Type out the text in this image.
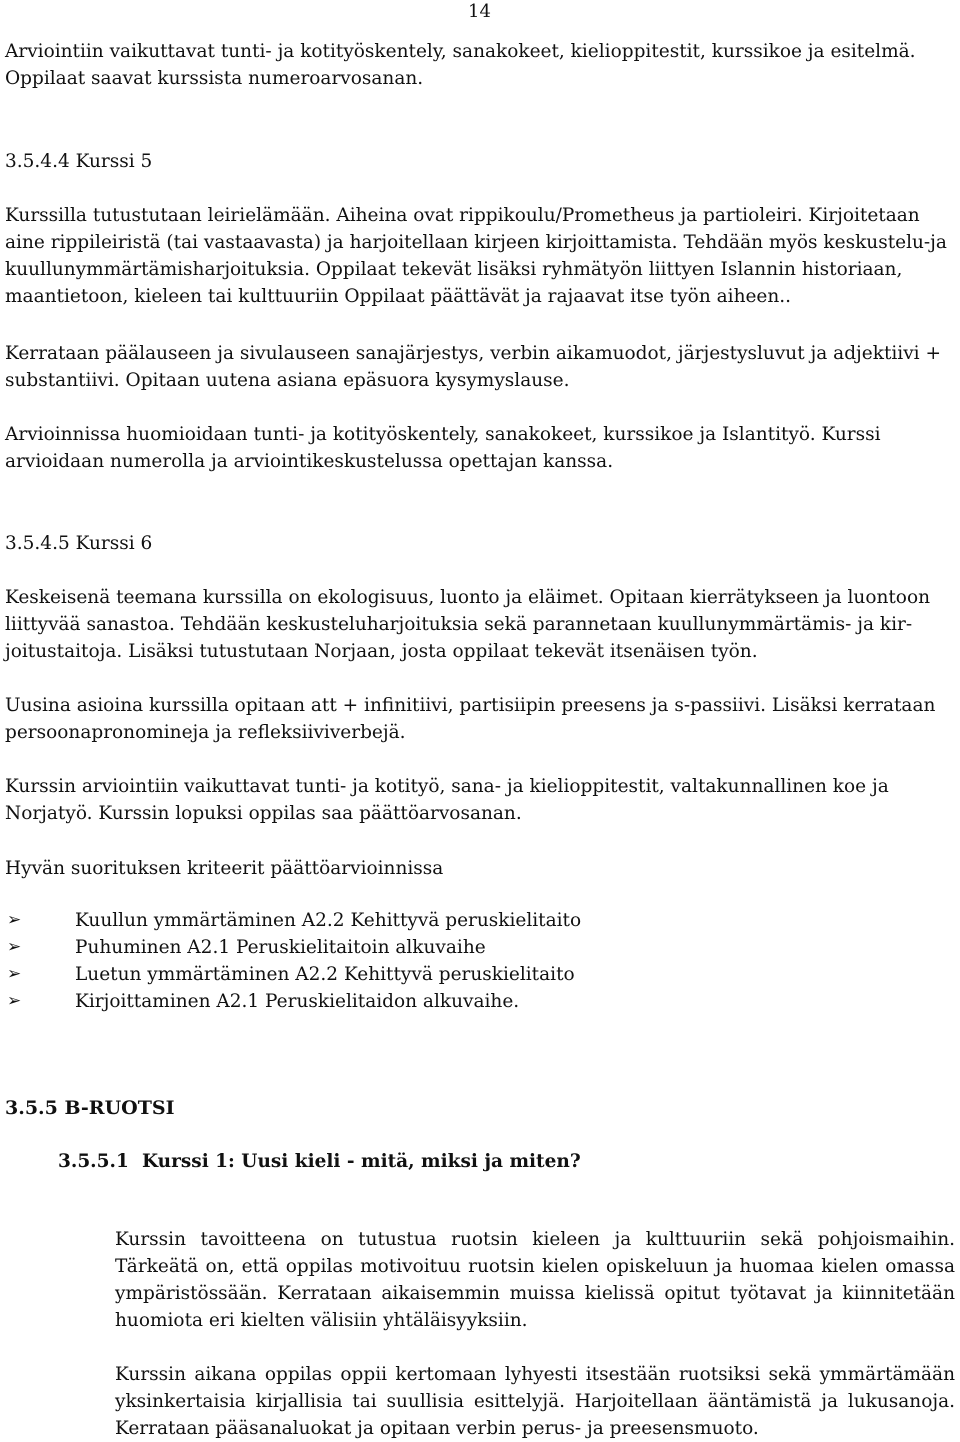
14

Arviointiin vaikuttavat tunti- ja kotityöskentely, sanakokeet, kielioppitestit, kurssikoe ja esitelmä. Oppilaat saavat kurssista numeroarvosanan.

3.5.4.4 Kurssi 5

Kurssilla tutustutaan leirielämään. Aiheina ovat rippikoulu/Prometheus ja partioleiri. Kirjoitetaan aine rippileiristä (tai vastaavasta) ja harjoitellaan kirjeen kirjoittamista. Tehdään myös keskustelu-ja kuullunymmärtämisharjoituksia. Oppilaat tekevät lisäksi ryhmätyön liittyen Islannin historiaan, maantietoon, kieleen tai kulttuuriin Oppilaat päättävät ja rajaavat itse työn aiheen..

Kerrataan päälauseen ja sivulauseen sanajärjestys, verbin aikamuodot, järjestysluvut ja adjektiivi + substantiivi. Opitaan uutena asiana epäsuora kysymyslause.

Arvioinnissa huomioidaan tunti- ja kotityöskentely, sanakokeet, kurssikoe ja Islantityö. Kurssi arvioidaan numerolla ja arviointikeskustelussa opettajan kanssa.

3.5.4.5 Kurssi 6

Keskeisenä teemana kurssilla on ekologisuus, luonto ja eläimet. Opitaan kierrätykseen ja luontoon liittyvää sanastoa. Tehdään keskusteluharjoituksia sekä parannetaan kuullunymmärtämis- ja kir-joitustaitoja. Lisäksi tutustutaan Norjaan, josta oppilaat tekevät itsenäisen työn.

Uusina asioina kurssilla opitaan att + infinitiivi, partisiipin preesens ja s-passiivi. Lisäksi kerrataan persoonapronomineja ja refleksiiviverbejä.

Kurssin arviointiin vaikuttavat tunti- ja kotityö, sana- ja kielioppitestit, valtakunnallinen koe ja Norjatyö. Kurssin lopuksi oppilas saa päättöarvosanan.

Hyvän suorituksen kriteerit päättöarvioinnissa

➢	Kuullun ymmärtäminen A2.2 Kehittyvä peruskielitaito
➢	Puhuminen A2.1 Peruskielitaitoin alkuvaihe
➢	Luetun ymmärtäminen A2.2 Kehittyvä peruskielitaito
➢	Kirjoittaminen A2.1 Peruskielitaidon alkuvaihe.
3.5.5 B-RUOTSI
3.5.5.1 Kurssi 1: Uusi kieli - mitä, miksi ja miten?

Kurssin tavoitteena on tutustua ruotsin kieleen ja kulttuuriin sekä pohjoismaihin. Tärkeätä on, että oppilas motivoituu ruotsin kielen opiskeluun ja huomaa kielen omassa ympäristössään. Kerrataan aikaisemmin muissa kielissä opitut työtavat ja kiinnitetään huomiota eri kielten välisiin yhtäläisyyksiin.

Kurssin aikana oppilas oppii kertomaan lyhyesti itsestään ruotsiksi sekä ymmärtämään yksinkertaisia kirjallisia tai suullisia esittelyjä. Harjoitellaan ääntämistä ja lukusanoja. Kerrataan pääsanaluokat ja opitaan verbin perus- ja preesensmuoto.
